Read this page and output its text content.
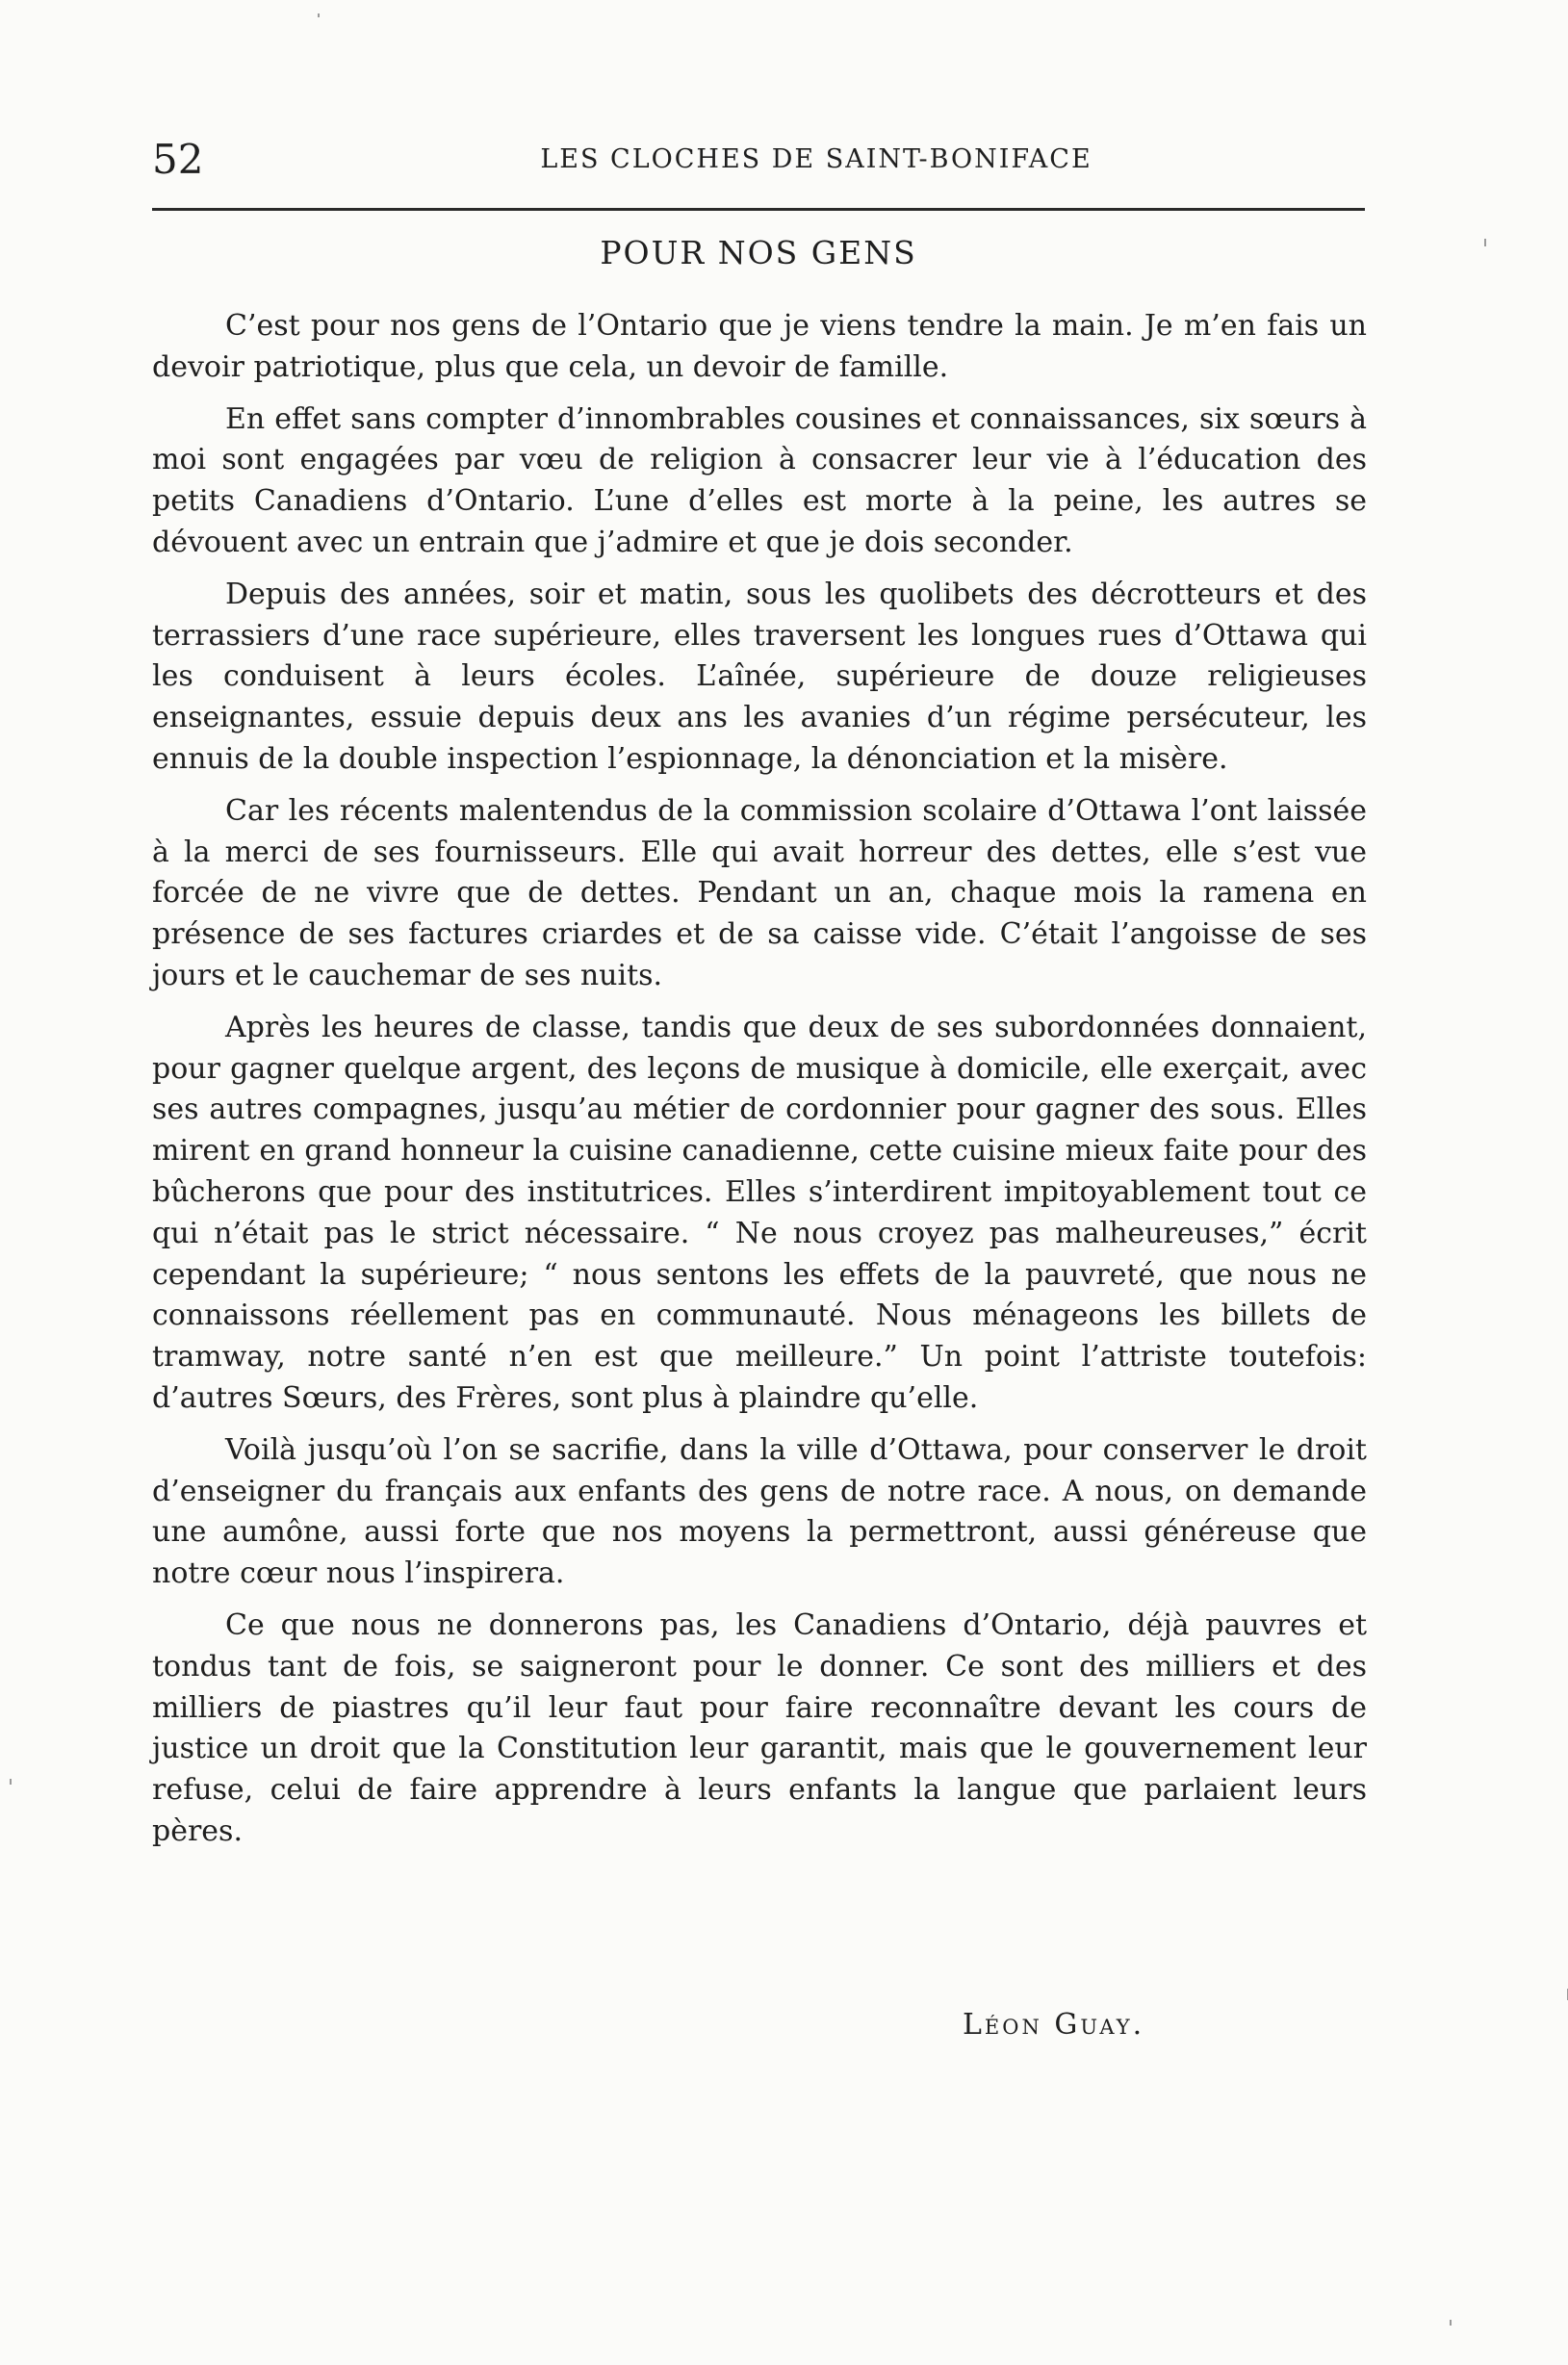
52	LES CLOCHES DE SAINT-BONIFACE
POUR NOS GENS

C’est pour nos gens de l’Ontario que je viens tendre la main. Je m’en fais un devoir patriotique, plus que cela, un devoir de famille.

En effet sans compter d’innombrables cousines et connaissances, six sœurs à moi sont engagées par vœu de religion à consacrer leur vie à l’éducation des petits Canadiens d’Ontario. L’une d’elles est morte à la peine, les autres se dévouent avec un entrain que j’admire et que je dois seconder.

Depuis des années, soir et matin, sous les quolibets des décrotteurs et des terrassiers d’une race supérieure, elles traversent les longues rues d’Ottawa qui les conduisent à leurs écoles. L’aînée, supérieure de douze religieuses enseignantes, essuie depuis deux ans les avanies d’un régime persécuteur, les ennuis de la double inspection l’espionnage, la dénonciation et la misère.

Car les récents malentendus de la commission scolaire d’Ottawa l’ont laissée à la merci de ses fournisseurs. Elle qui avait horreur des dettes, elle s’est vue forcée de ne vivre que de dettes. Pendant un an, chaque mois la ramena en présence de ses factures criardes et de sa caisse vide. C’était l’angoisse de ses jours et le cauchemar de ses nuits.

Après les heures de classe, tandis que deux de ses subordonnées donnaient, pour gagner quelque argent, des leçons de musique à domicile, elle exerçait, avec ses autres compagnes, jusqu’au métier de cordonnier pour gagner des sous. Elles mirent en grand honneur la cuisine canadienne, cette cuisine mieux faite pour des bûcherons que pour des institutrices. Elles s’interdirent impitoyablement tout ce qui n’était pas le strict nécessaire. “ Ne nous croyez pas malheureuses,” écrit cependant la supérieure; “ nous sentons les effets de la pauvreté, que nous ne connaissons réellement pas en communauté. Nous ménageons les billets de tramway, notre santé n’en est que meilleure.” Un point l’attriste toutefois: d’autres Sœurs, des Frères, sont plus à plaindre qu’elle.

Voilà jusqu’où l’on se sacrifie, dans la ville d’Ottawa, pour conserver le droit d’enseigner du français aux enfants des gens de notre race. A nous, on demande une aumône, aussi forte que nos moyens la permettront, aussi généreuse que notre cœur nous l’inspirera.

Ce que nous ne donnerons pas, les Canadiens d’Ontario, déjà pauvres et tondus tant de fois, se saigneront pour le donner. Ce sont des milliers et des milliers de piastres qu’il leur faut pour faire reconnaître devant les cours de justice un droit que la Constitution leur garantit, mais que le gouvernement leur refuse, celui de faire apprendre à leurs enfants la langue que parlaient leurs pères.

Léon Guay.
